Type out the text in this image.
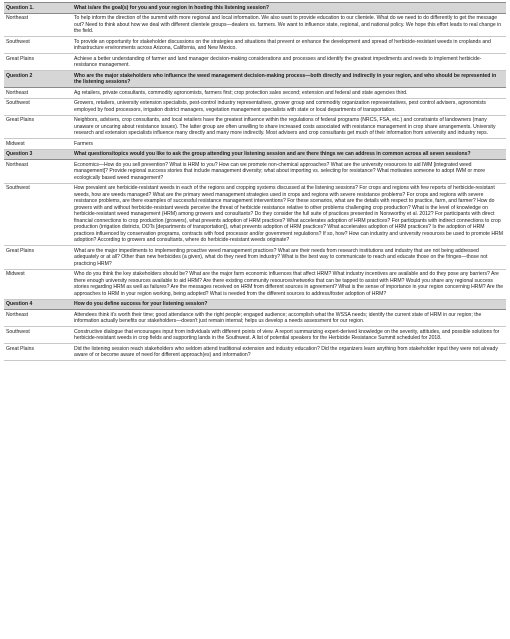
Question 1.	What is/are the goal(s) for you and your region in hosting this listening session?
Northeast	To help inform the direction of the summit with more regional and local information. We also want to provide education to our clientele. What do we need to do differently to get the message out? Need to think about how we deal with different clientele groups—dealers vs. farmers. We want to influence state, regional, and national policy. We hope this effort leads to real change in the field.
Southwest	To provide an opportunity for stakeholder discussions on the strategies and situations that prevent or enhance the development and spread of herbicide-resistant weeds in croplands and infrastructure environments across Arizona, California, and New Mexico.
Great Plains	Achieve a better understanding of farmer and land manager decision-making considerations and processes and identify the greatest impediments and needs to implement herbicide-resistance management.
Question 2	Who are the major stakeholders who influence the weed management decision-making process—both directly and indirectly in your region, and who should be represented in the listening sessions?
Northeast	Ag retailers, private consultants, commodity agronomists, farmers first; crop protection sales second; extension and federal and state agencies third.
Southwest	Growers, retailers, university extension specialists, pest-control industry representatives, grower group and commodity organization representatives, pest control advisers, agronomists employed by food processors, irrigation district managers, vegetation management specialists with state or local departments of transportation.
Great Plains	Neighbors, advisers, crop consultants, and local retailers have the greatest influence within the regulations of federal programs (NRCS, FSA, etc.) and constraints of landowners (many unaware or uncaring about resistance issues). The latter group are often unwilling to share increased costs associated with resistance management in crop share arrangements. University research and extension specialists influence many directly and many more indirectly. Most advisers and crop consultants get much of their information from university and industry reps.
Midwest	Farmers
Question 3	What questions/topics would you like to ask the group attending your listening session and are there things we can address in common across all seven sessions?
Northeast	Economics—How do you sell prevention? What is HRM to you? How can we promote non-chemical approaches? What are the university resources to aid IWM [integrated weed management]? Provide regional success stories that include management diversity; what about importing vs. selecting for resistance? What motivates someone to adopt IWM or more ecologically based weed management?
Southwest	How prevalent are herbicide-resistant weeds in each of the regions and cropping systems discussed at the listening sessions? For crops and regions with few reports of herbicide-resistant weeds, how are weeds managed? What are the primary weed management strategies used in crops and regions with severe resistance problems? For crops and regions with severe resistance problems, are there examples of successful resistance management interventions? For these scenarios, what are the details with respect to practice, farm, and farmer? How do growers with and without herbicide-resistant weeds perceive the threat of herbicide resistance relative to other problems challenging crop production? What is the level of knowledge on herbicide-resistant weed management (HRM) among growers and consultants? Do they consider the full suite of practices presented in Norsworthy et al. 2012? For participants with direct financial connections to crop production (growers), what prevents adoption of HRM practices? What accelerates adoption of HRM practices? For participants with indirect connections to crop production (irrigation districts, DOTs [departments of transportation]), what prevents adoption of HRM practices? What accelerates adoption of HRM practices? Is the adoption of HRM practices influenced by conservation programs, contracts with food processor and/or government regulations? If so, how? How can industry and university resources be used to promote HRM adoption? According to growers and consultants, where do herbicide-resistant weeds originate?
Great Plains	What are the major impediments to implementing proactive weed management practices? What are their needs from research institutions and industry that are not being addressed adequately or at all? Other than new herbicides (a given), what do they need from industry? What is the best way to communicate to reach and educate those on the fringes—those not practicing HRM?
Midwest	Who do you think the key stakeholders should be? What are the major farm economic influences that affect HRM? What industry incentives are available and do they pose any barriers? Are there enough university resources available to aid HRM? Are there existing community resources/networks that can be tapped to assist with HRM? Would you share any regional success stories regarding HRM as well as failures? Are the messages received on HRM from different sources in agreement? What is the sense of importance in your region concerning HRM? Are the approaches to HRM in your region working, being adopted? What is needed from the different sources to address/foster adoption of HRM?
Question 4	How do you define success for your listening session?
Northeast	Attendees think it's worth their time; good attendance with the right people; engaged audience; accomplish what the WSSA needs; identify the current state of HRM in our region; the information actually benefits our stakeholders—doesn't just remain internal; helps us develop a needs assessment for our region.
Southwest	Constructive dialogue that encourages input from individuals with different points of view. A report summarizing expert-derived knowledge on the severity, attitudes, and possible solutions for herbicide-resistant weeds in crop fields and supporting lands in the Southwest. A list of potential speakers for the Herbicide Resistance Summit scheduled for 2018.
Great Plains	Did the listening session reach stakeholders who seldom attend traditional extension and industry education? Did the organizers learn anything from stakeholder input they were not already aware of or become aware of need for different approach(es) and information?
